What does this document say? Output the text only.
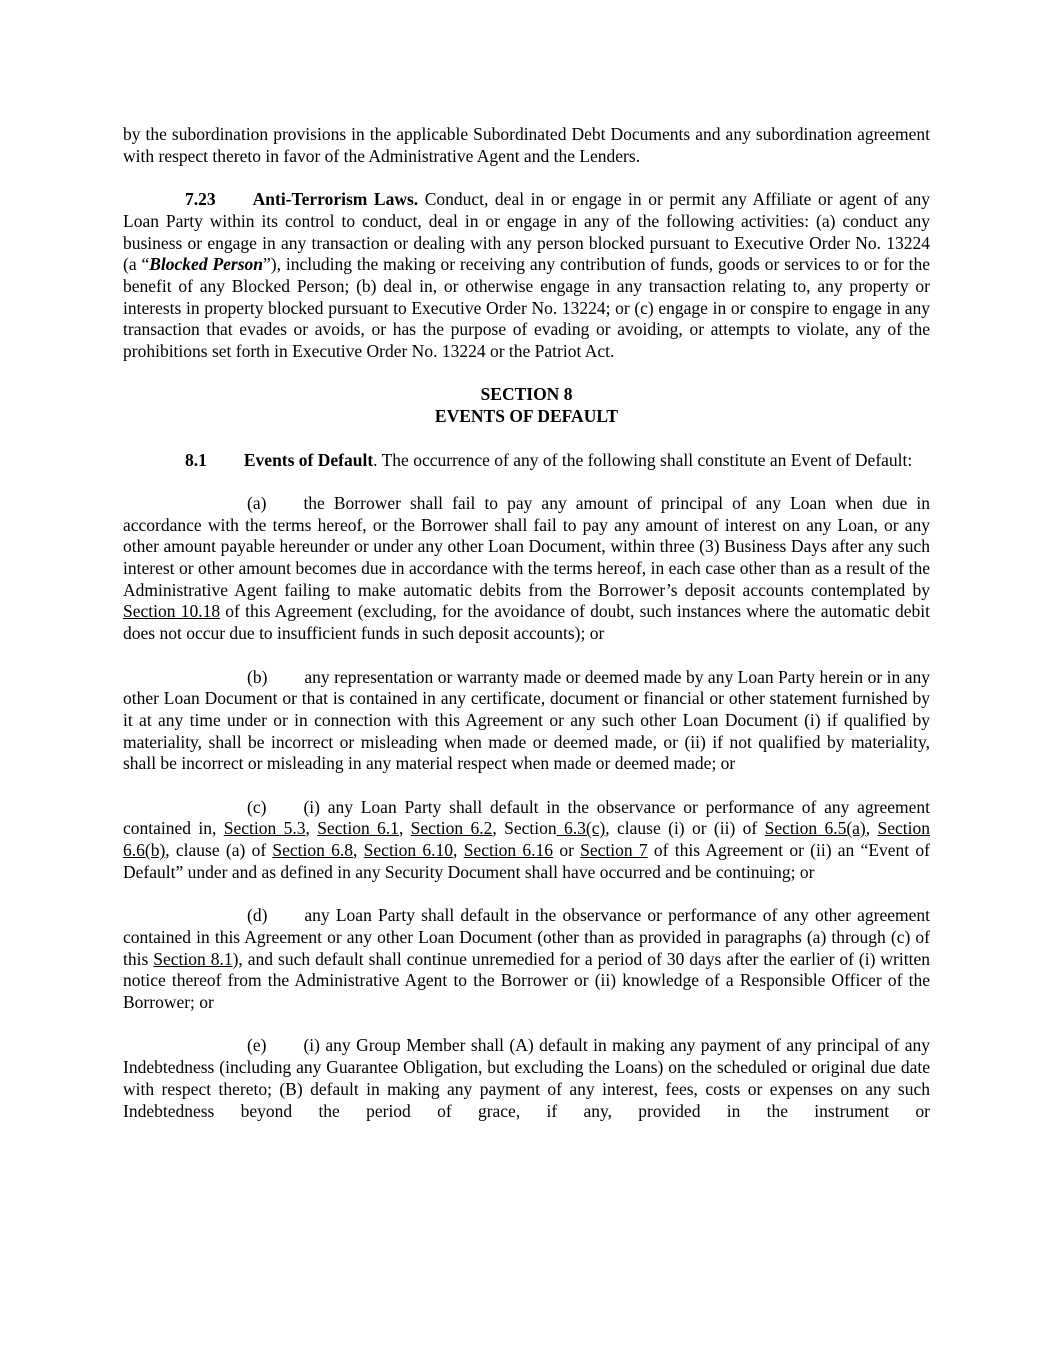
by the subordination provisions in the applicable Subordinated Debt Documents and any subordination agreement with respect thereto in favor of the Administrative Agent and the Lenders.

7.23 Anti-Terrorism Laws. Conduct, deal in or engage in or permit any Affiliate or agent of any Loan Party within its control to conduct, deal in or engage in any of the following activities: (a) conduct any business or engage in any transaction or dealing with any person blocked pursuant to Executive Order No. 13224 (a “Blocked Person”), including the making or receiving any contribution of funds, goods or services to or for the benefit of any Blocked Person; (b) deal in, or otherwise engage in any transaction relating to, any property or interests in property blocked pursuant to Executive Order No. 13224; or (c) engage in or conspire to engage in any transaction that evades or avoids, or has the purpose of evading or avoiding, or attempts to violate, any of the prohibitions set forth in Executive Order No. 13224 or the Patriot Act.

SECTION 8
EVENTS OF DEFAULT

8.1 Events of Default. The occurrence of any of the following shall constitute an Event of Default:

(a) the Borrower shall fail to pay any amount of principal of any Loan when due in accordance with the terms hereof, or the Borrower shall fail to pay any amount of interest on any Loan, or any other amount payable hereunder or under any other Loan Document, within three (3) Business Days after any such interest or other amount becomes due in accordance with the terms hereof, in each case other than as a result of the Administrative Agent failing to make automatic debits from the Borrower’s deposit accounts contemplated by Section 10.18 of this Agreement (excluding, for the avoidance of doubt, such instances where the automatic debit does not occur due to insufficient funds in such deposit accounts); or

(b) any representation or warranty made or deemed made by any Loan Party herein or in any other Loan Document or that is contained in any certificate, document or financial or other statement furnished by it at any time under or in connection with this Agreement or any such other Loan Document (i) if qualified by materiality, shall be incorrect or misleading when made or deemed made, or (ii) if not qualified by materiality, shall be incorrect or misleading in any material respect when made or deemed made; or

(c) (i) any Loan Party shall default in the observance or performance of any agreement contained in, Section 5.3, Section 6.1, Section 6.2, Section 6.3(c), clause (i) or (ii) of Section 6.5(a), Section 6.6(b), clause (a) of Section 6.8, Section 6.10, Section 6.16 or Section 7 of this Agreement or (ii) an “Event of Default” under and as defined in any Security Document shall have occurred and be continuing; or

(d) any Loan Party shall default in the observance or performance of any other agreement contained in this Agreement or any other Loan Document (other than as provided in paragraphs (a) through (c) of this Section 8.1), and such default shall continue unremedied for a period of 30 days after the earlier of (i) written notice thereof from the Administrative Agent to the Borrower or (ii) knowledge of a Responsible Officer of the Borrower; or

(e) (i) any Group Member shall (A) default in making any payment of any principal of any Indebtedness (including any Guarantee Obligation, but excluding the Loans) on the scheduled or original due date with respect thereto; (B) default in making any payment of any interest, fees, costs or expenses on any such Indebtedness beyond the period of grace, if any, provided in the instrument or
